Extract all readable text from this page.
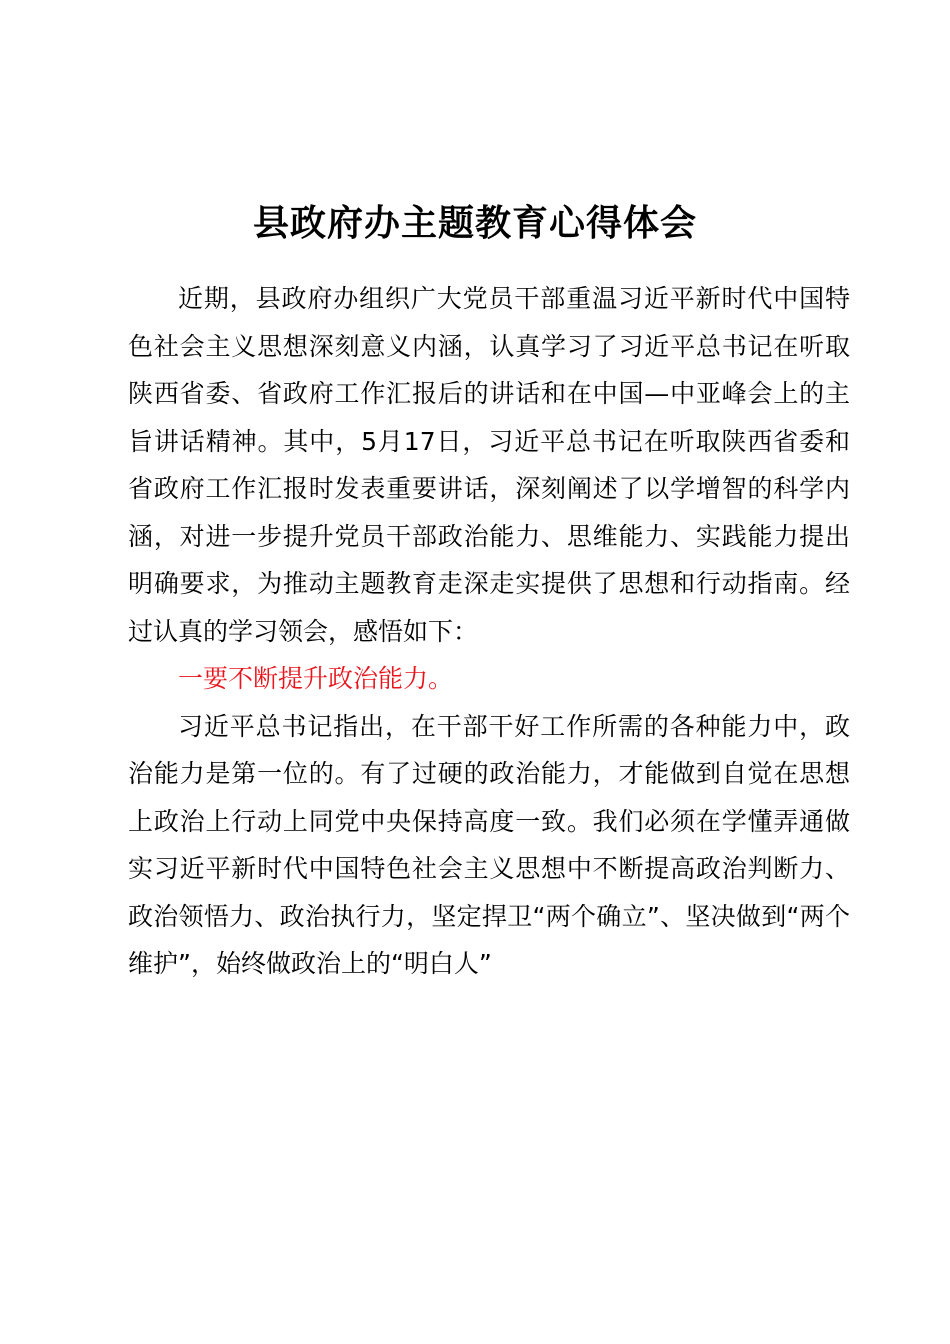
县政府办主题教育心得体会

近期，县政府办组织广大党员干部重温习近平新时代中国特色社会主义思想深刻意义内涵，认真学习了习近平总书记在听取陕西省委、省政府工作汇报后的讲话和在中国—中亚峰会上的主旨讲话精神。其中，5月17日，习近平总书记在听取陕西省委和省政府工作汇报时发表重要讲话，深刻阐述了以学增智的科学内涵，对进一步提升党员干部政治能力、思维能力、实践能力提出明确要求，为推动主题教育走深走实提供了思想和行动指南。经过认真的学习领会，感悟如下：

一要不断提升政治能力。

习近平总书记指出，在干部干好工作所需的各种能力中，政治能力是第一位的。有了过硬的政治能力，才能做到自觉在思想上政治上行动上同党中央保持高度一致。我们必须在学懂弄通做实习近平新时代中国特色社会主义思想中不断提高政治判断力、政治领悟力、政治执行力，坚定捍卫“两个确立”、坚决做到“两个维护”，始终做政治上的“明白人”
